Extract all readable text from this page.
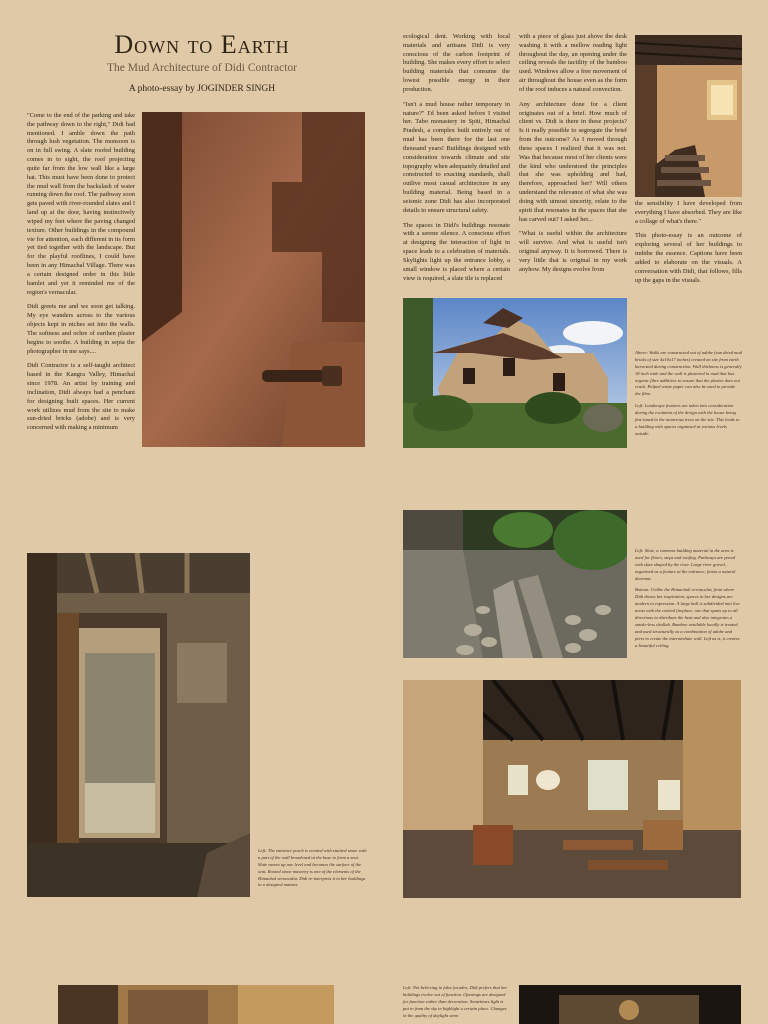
Down to Earth
The Mud Architecture of Didi Contractor
A photo-essay by JOGINDER SINGH

"Come to the end of the parking and take the pathway down to the right," Didi had mentioned. I amble down the path through lush vegetation. The monsoon is on in full swing. A slate roofed building comes in to sight, the roof projecting quite far from the low wall like a large hat. This must have been done to protect the mud wall from the backslash of water running down the roof. The pathway soon gets paved with river-rounded slates and I land up at the door, having instinctively wiped my feet where the paving changed texture. Other buildings in the compound vie for attention, each different in its form yet tied together with the landscape. But for the playful rooflines, I could have been in any Himachal Village. There was a certain designed order in this little hamlet and yet it reminded me of the region's vernacular.

Didi greets me and we soon get talking. My eye wanders across to the various objects kept in niches set into the walls. The softness and ochre of earthen plaster begins to soothe. A building in sepia the photographer in me says....

Didi Contractor is a self-taught architect based in the Kangra Valley, Himachal since 1978. An artist by training and inclination, Didi always had a penchant for designing built spaces. Her current work utilizes mud from the site to make sun-dried bricks (adobe) and is very concerned with making a minimum

ecological dent. Working with local materials and artisans Didi is very conscious of the carbon footprint of building. She makes every effort to select building materials that consume the lowest possible energy in their production.

"Isn't a mud house rather temporary in nature?" I'd been asked before I visited her. Tabo monastery in Spiti, Himachal Pradesh, a complex built entirely out of mud has been there for the last one thousand years! Buildings designed with consideration towards climate and site topography when adequately detailed and constructed to exacting standards, shall outlive most casual architecture in any building material. Being based in a seismic zone Didi has also incorporated details to ensure structural safety.

The spaces in Didi's buildings resonate with a serene silence. A conscious effort at designing the interaction of light in space leads to a celebration of materials. Skylights light up the entrance lobby, a small window is placed where a certain view is required, a slate tile is replaced

with a piece of glass just above the desk washing it with a mellow reading light throughout the day, an opening under the ceiling reveals the tactility of the bamboo used. Windows allow a free movement of air throughout the house even as the form of the roof induces a natural convection.

Any architecture done for a client originates out of a brief. How much of client vs. Didi is there in these projects? Is it really possible to segregate the brief from the outcome? As I moved through these spaces I realized that it was not. Was that because most of her clients were the kind who understood the principles that she was upholding and had, therefore, approached her? Will others understand the relevance of what she was doing with utmost sincerity, relate to the spirit that resonates in the spaces that she has carved out? I asked her...

"What is useful within the architecture will survive. And what is useful isn't original anyway. It is borrowed. There is very little that is original in my work anyhow. My designs evolve from

the sensibility I have developed from everything I have absorbed. They are like a collage of what's there."

This photo-essay is an outcome of exploring several of her buildings to imbibe the essence. Captions have been added to elaborate on the visuals. A conversation with Didi, that follows, fills up the gaps in the visuals.

Above: Walls are constructed out of adobe (sun dried mud bricks of size 4x10x17 inches) created on site from earth harvested during construction. Wall thickness is generally 18 inch wide and the wall is plastered in mud that has organic fibre additives to ensure that the plaster does not crack. Pulped waste paper can also be used to provide the fibre.

Left: Landscape features are taken into consideration during the evolution of the design with the house being fine tuned to the numerous trees on the site. This leads to a building with spaces organised at various levels outside.

Left: Slate, a common building material in the area is used for floors, steps and roofing. Pathways are paved with slate shaped by the river. Large river gravel, organised as a feature at the entrance, forms a natural doormat.

Bottom: Unlike the Himachali vernacular, from where Didi draws her inspiration, spaces in her designs are modern in expression. A large hall is subdivided into live areas with the central fireplace, one that spans up to all directions to distribute the heat and also integrates a smoke-less chullah. Bamboo available locally is treated and used structurally as a combination of adobe and piers to create the intermediate wall. Left as is, it creates a beautiful ceiling.

Left: The entrance porch is created with stacked stone with a part of the wall broadened at the base to form a seat. Slate moves up one level and becomes the surface of the seat. Rooted stone masonry is one of the elements of the Himachal vernacular. Didi re-interprets it in her buildings in a designed manner.

Left: Not believing in false facades, Didi prefers that her buildings evolve out of function. Openings are designed for function rather than decoration. Sometimes light is put in from the sky to highlight a certain place. Changes in the quality of daylight seem
